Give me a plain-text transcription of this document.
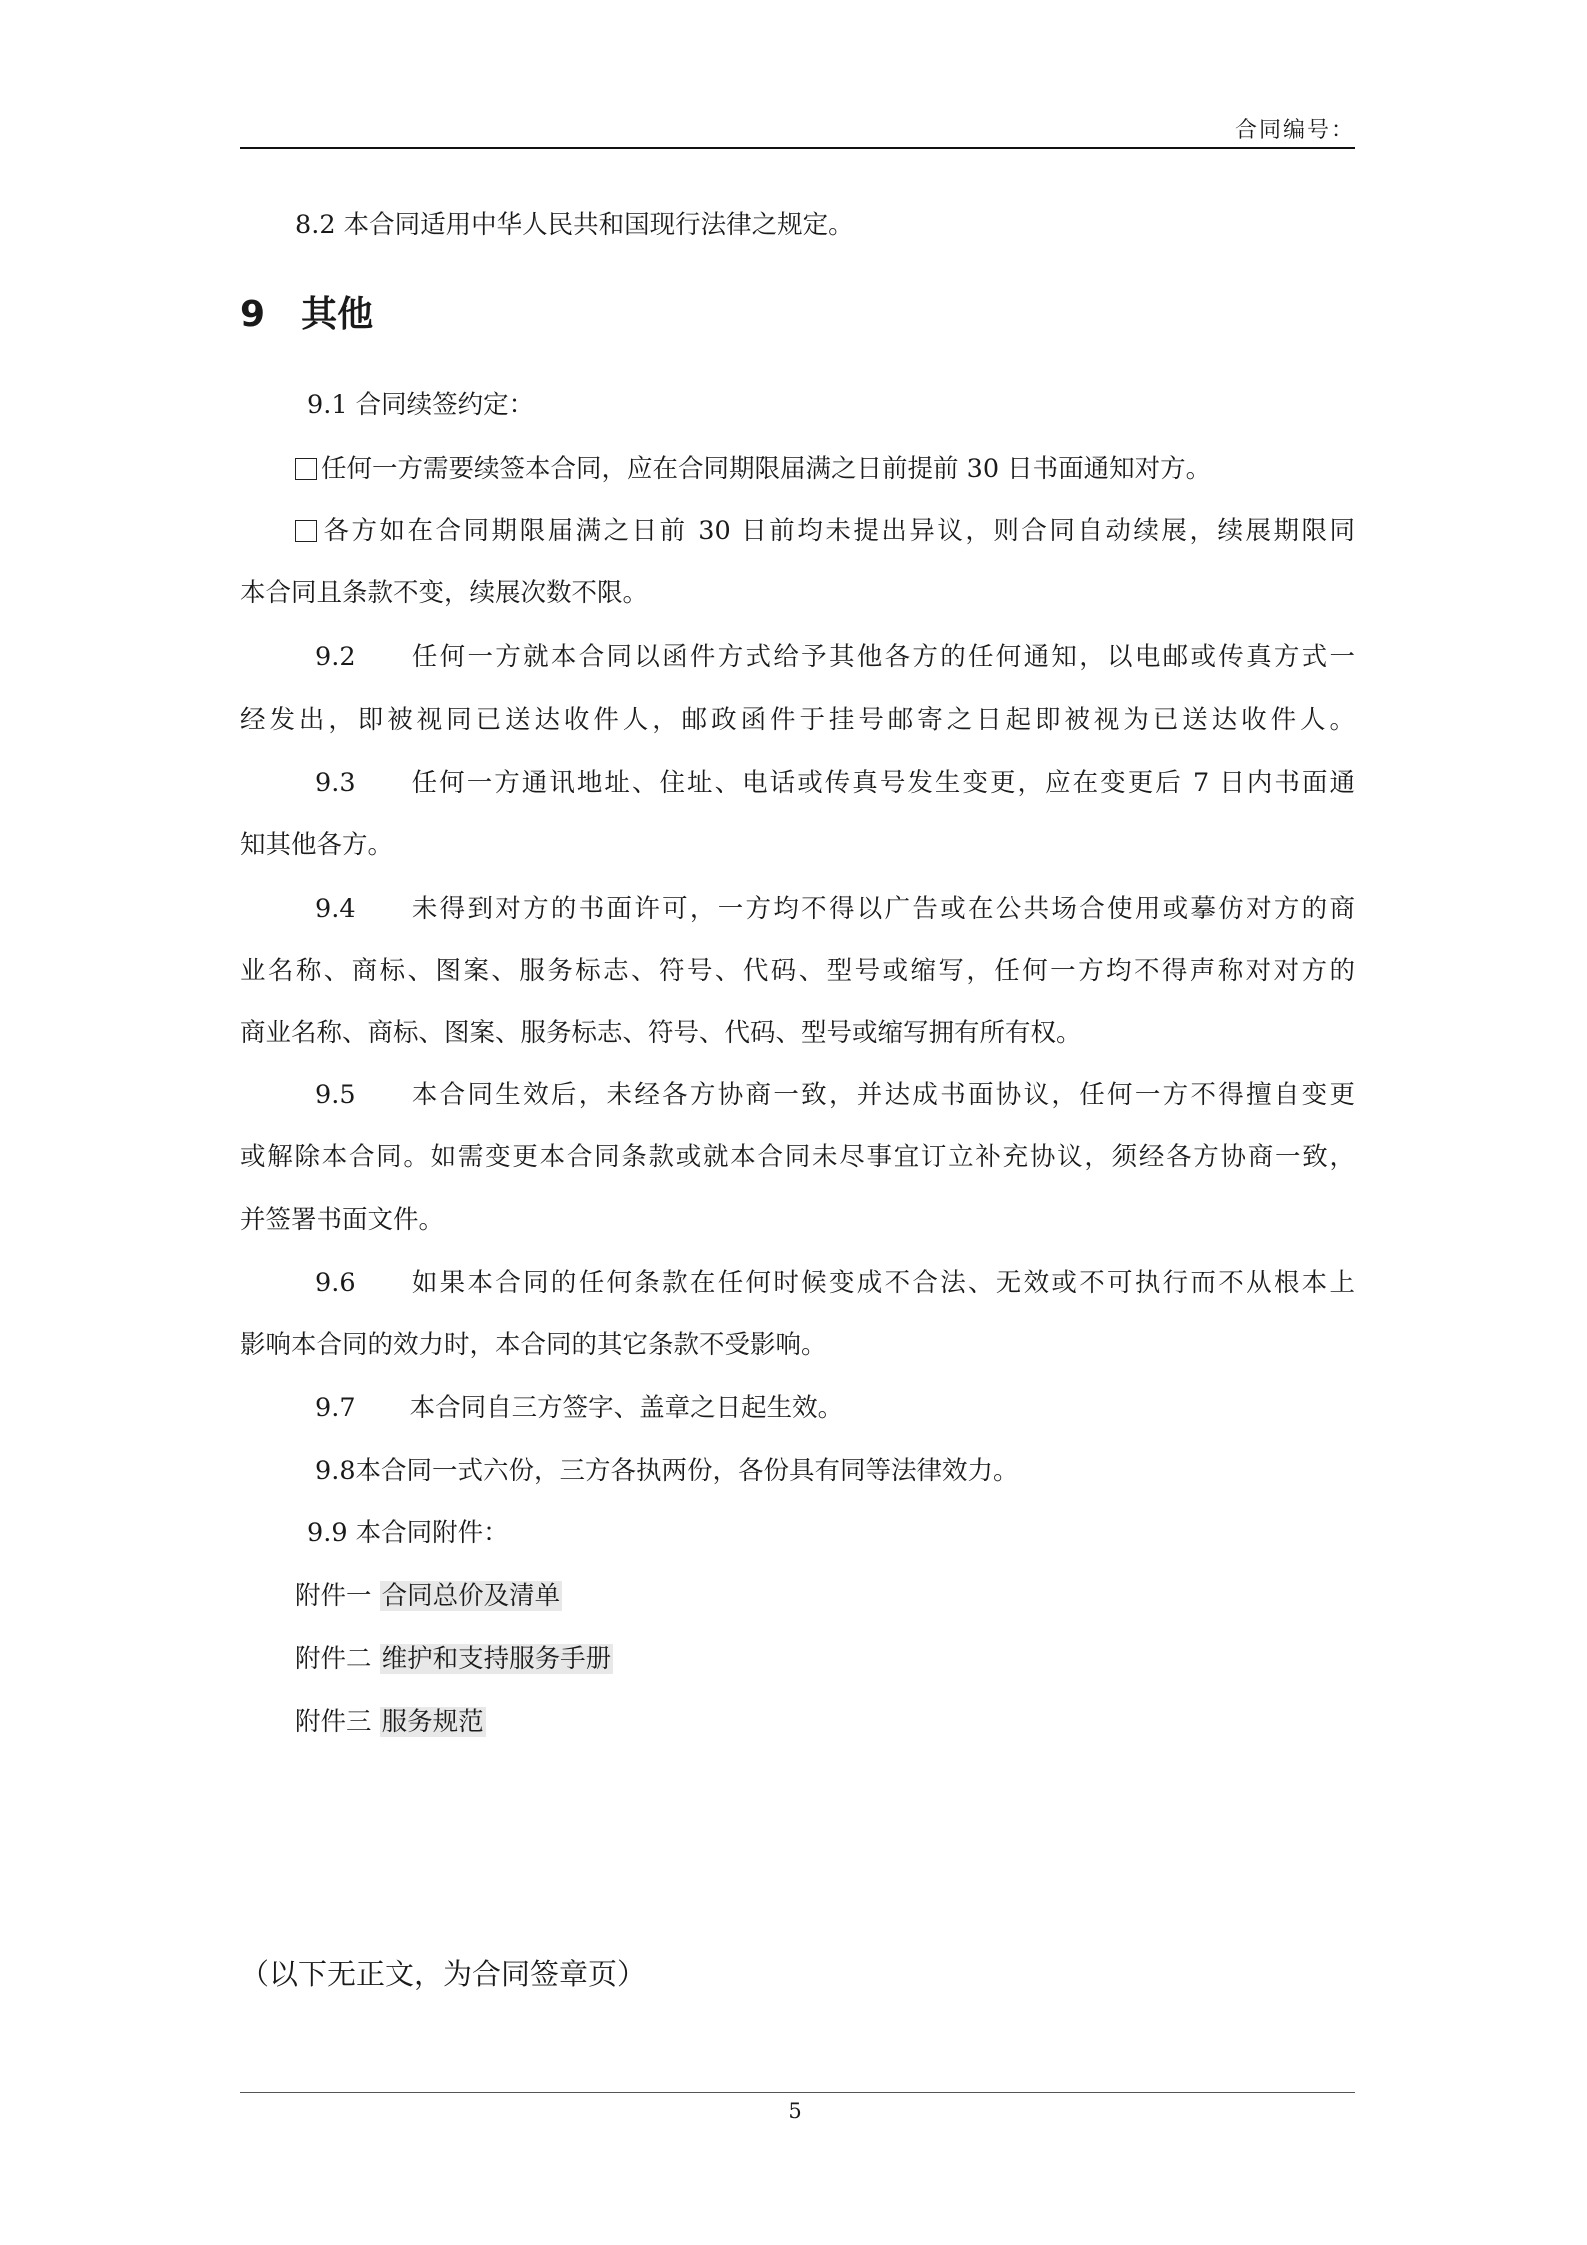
合同编号：
8.2 本合同适用中华人民共和国现行法律之规定。
9 其他
9.1 合同续签约定：
任何一方需要续签本合同，应在合同期限届满之日前提前 30 日书面通知对方。
各方如在合同期限届满之日前 30 日前均未提出异议，则合同自动续展，续展期限同
本合同且条款不变，续展次数不限。
9.2 任何一方就本合同以函件方式给予其他各方的任何通知，以电邮或传真方式一
经发出，即被视同已送达收件人，邮政函件于挂号邮寄之日起即被视为已送达收件人。
9.3 任何一方通讯地址、住址、电话或传真号发生变更，应在变更后 7 日内书面通
知其他各方。
9.4 未得到对方的书面许可，一方均不得以广告或在公共场合使用或摹仿对方的商
业名称、商标、图案、服务标志、符号、代码、型号或缩写，任何一方均不得声称对对方的
商业名称、商标、图案、服务标志、符号、代码、型号或缩写拥有所有权。
9.5 本合同生效后，未经各方协商一致，并达成书面协议，任何一方不得擅自变更
或解除本合同。如需变更本合同条款或就本合同未尽事宜订立补充协议，须经各方协商一致，
并签署书面文件。
9.6 如果本合同的任何条款在任何时候变成不合法、无效或不可执行而不从根本上
影响本合同的效力时，本合同的其它条款不受影响。
9.7 本合同自三方签字、盖章之日起生效。
9.8本合同一式六份，三方各执两份，各份具有同等法律效力。
9.9 本合同附件：
附件一 合同总价及清单
附件二 维护和支持服务手册
附件三 服务规范
（以下无正文，为合同签章页）
5
